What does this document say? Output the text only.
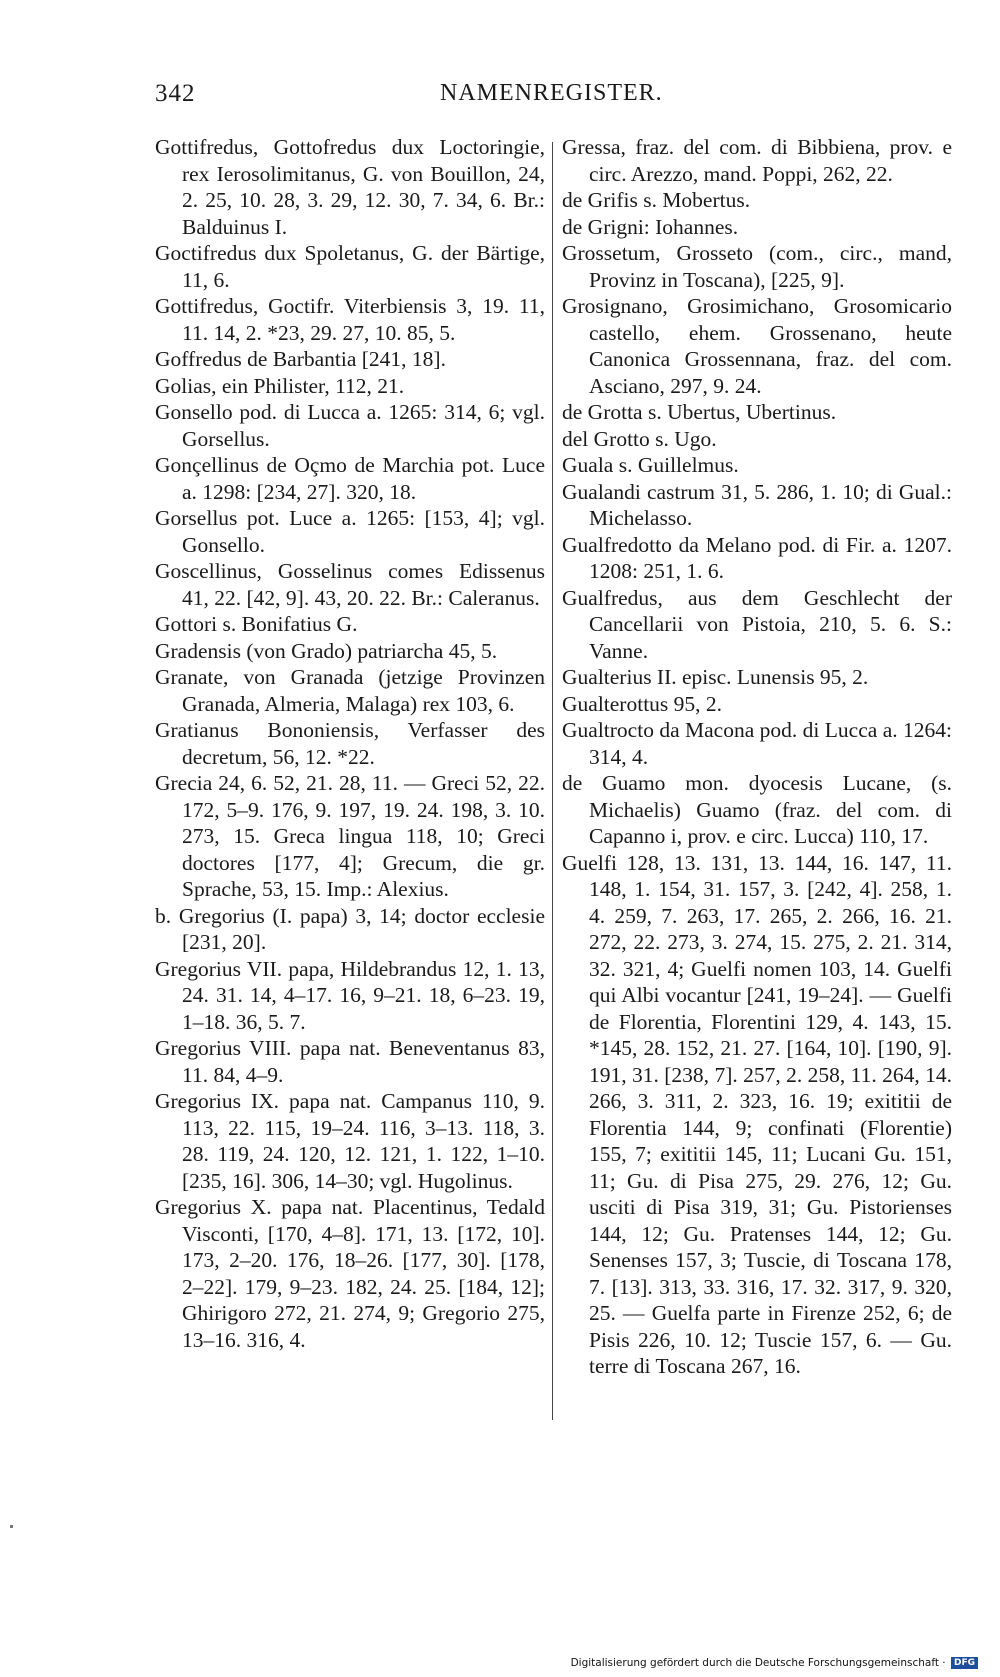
342	NAMENREGISTER.
Gottifredus, Gottofredus dux Loctoringie, rex Ierosolimitanus, G. von Bouillon, 24, 2. 25, 10. 28, 3. 29, 12. 30, 7. 34, 6. Br.: Balduinus I.
Goctifredus dux Spoletanus, G. der Bärtige, 11, 6.
Gottifredus, Goctifr. Viterbiensis 3, 19. 11, 11. 14, 2. *23, 29. 27, 10. 85, 5.
Goffredus de Barbantia [241, 18].
Golias, ein Philister, 112, 21.
Gonsello pod. di Lucca a. 1265: 314, 6; vgl. Gorsellus.
Gonçellinus de Oçmo de Marchia pot. Luce a. 1298: [234, 27]. 320, 18.
Gorsellus pot. Luce a. 1265: [153, 4]; vgl. Gonsello.
Goscellinus, Gosselinus comes Edissenus 41, 22. [42, 9]. 43, 20. 22. Br.: Caleranus.
Gottori s. Bonifatius G.
Gradensis (von Grado) patriarcha 45, 5.
Granate, von Granada (jetzige Provinzen Granada, Almeria, Malaga) rex 103, 6.
Gratianus Bononiensis, Verfasser des decretum, 56, 12. *22.
Grecia 24, 6. 52, 21. 28, 11. — Greci 52, 22. 172, 5–9. 176, 9. 197, 19. 24. 198, 3. 10. 273, 15. Greca lingua 118, 10; Greci doctores [177, 4]; Grecum, die gr. Sprache, 53, 15. Imp.: Alexius.
b. Gregorius (I. papa) 3, 14; doctor ecclesie [231, 20].
Gregorius VII. papa, Hildebrandus 12, 1. 13, 24. 31. 14, 4–17. 16, 9–21. 18, 6–23. 19, 1–18. 36, 5. 7.
Gregorius VIII. papa nat. Beneventanus 83, 11. 84, 4–9.
Gregorius IX. papa nat. Campanus 110, 9. 113, 22. 115, 19–24. 116, 3–13. 118, 3. 28. 119, 24. 120, 12. 121, 1. 122, 1–10. [235, 16]. 306, 14–30; vgl. Hugolinus.
Gregorius X. papa nat. Placentinus, Tedald Visconti, [170, 4–8]. 171, 13. [172, 10]. 173, 2–20. 176, 18–26. [177, 30]. [178, 2–22]. 179, 9–23. 182, 24. 25. [184, 12]; Ghirigoro 272, 21. 274, 9; Gregorio 275, 13–16. 316, 4.
Gressa, fraz. del com. di Bibbiena, prov. e circ. Arezzo, mand. Poppi, 262, 22.
de Grifis s. Mobertus.
de Grigni: Iohannes.
Grossetum, Grosseto (com., circ., mand, Provinz in Toscana), [225, 9].
Grosignano, Grosimichano, Grosomicario castello, ehem. Grossenano, heute Canonica Grossennana, fraz. del com. Asciano, 297, 9. 24.
de Grotta s. Ubertus, Ubertinus.
del Grotto s. Ugo.
Guala s. Guillelmus.
Gualandi castrum 31, 5. 286, 1. 10; di Gual.: Michelasso.
Gualfredotto da Melano pod. di Fir. a. 1207. 1208: 251, 1. 6.
Gualfredus, aus dem Geschlecht der Cancellarii von Pistoia, 210, 5. 6. S.: Vanne.
Gualterius II. episc. Lunensis 95, 2.
Gualterottus 95, 2.
Gualtrocto da Macona pod. di Lucca a. 1264: 314, 4.
de Guamo mon. dyocesis Lucane, (s. Michaelis) Guamo (fraz. del com. di Capanno i, prov. e circ. Lucca) 110, 17.
Guelfi 128, 13. 131, 13. 144, 16. 147, 11. 148, 1. 154, 31. 157, 3. [242, 4]. 258, 1. 4. 259, 7. 263, 17. 265, 2. 266, 16. 21. 272, 22. 273, 3. 274, 15. 275, 2. 21. 314, 32. 321, 4; Guelfi nomen 103, 14. Guelfi qui Albi vocantur [241, 19–24]. — Guelfi de Florentia, Florentini 129, 4. 143, 15. *145, 28. 152, 21. 27. [164, 10]. [190, 9]. 191, 31. [238, 7]. 257, 2. 258, 11. 264, 14. 266, 3. 311, 2. 323, 16. 19; exititii de Florentia 144, 9; confinati (Florentie) 155, 7; exititii 145, 11; Lucani Gu. 151, 11; Gu. di Pisa 275, 29. 276, 12; Gu. usciti di Pisa 319, 31; Gu. Pistorienses 144, 12; Gu. Pratenses 144, 12; Gu. Senenses 157, 3; Tuscie, di Toscana 178, 7. [13]. 313, 33. 316, 17. 32. 317, 9. 320, 25. — Guelfa parte in Firenze 252, 6; de Pisis 226, 10. 12; Tuscie 157, 6. — Gu. terre di Toscana 267, 16.
Digitalisierung gefördert durch die Deutsche Forschungsgemeinschaft · DFG
